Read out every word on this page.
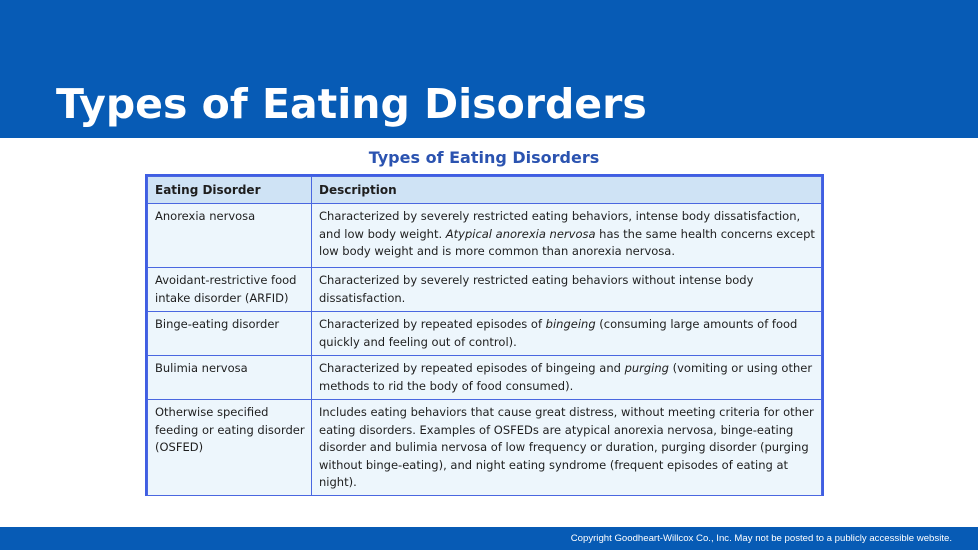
Types of Eating Disorders
Types of Eating Disorders
Eating Disorder	Description
Anorexia nervosa	Characterized by severely restricted eating behaviors, intense body dissatisfaction, and low body weight. Atypical anorexia nervosa has the same health concerns except low body weight and is more common than anorexia nervosa.
Avoidant-restrictive food intake disorder (ARFID)	Characterized by severely restricted eating behaviors without intense body dissatisfaction.
Binge-eating disorder	Characterized by repeated episodes of bingeing (consuming large amounts of food quickly and feeling out of control).
Bulimia nervosa	Characterized by repeated episodes of bingeing and purging (vomiting or using other methods to rid the body of food consumed).
Otherwise specified feeding or eating disorder (OSFED)	Includes eating behaviors that cause great distress, without meeting criteria for other eating disorders. Examples of OSFEDs are atypical anorexia nervosa, binge-eating disorder and bulimia nervosa of low frequency or duration, purging disorder (purging without binge-eating), and night eating syndrome (frequent episodes of eating at night).
Copyright Goodheart-Willcox Co., Inc. May not be posted to a publicly accessible website.
